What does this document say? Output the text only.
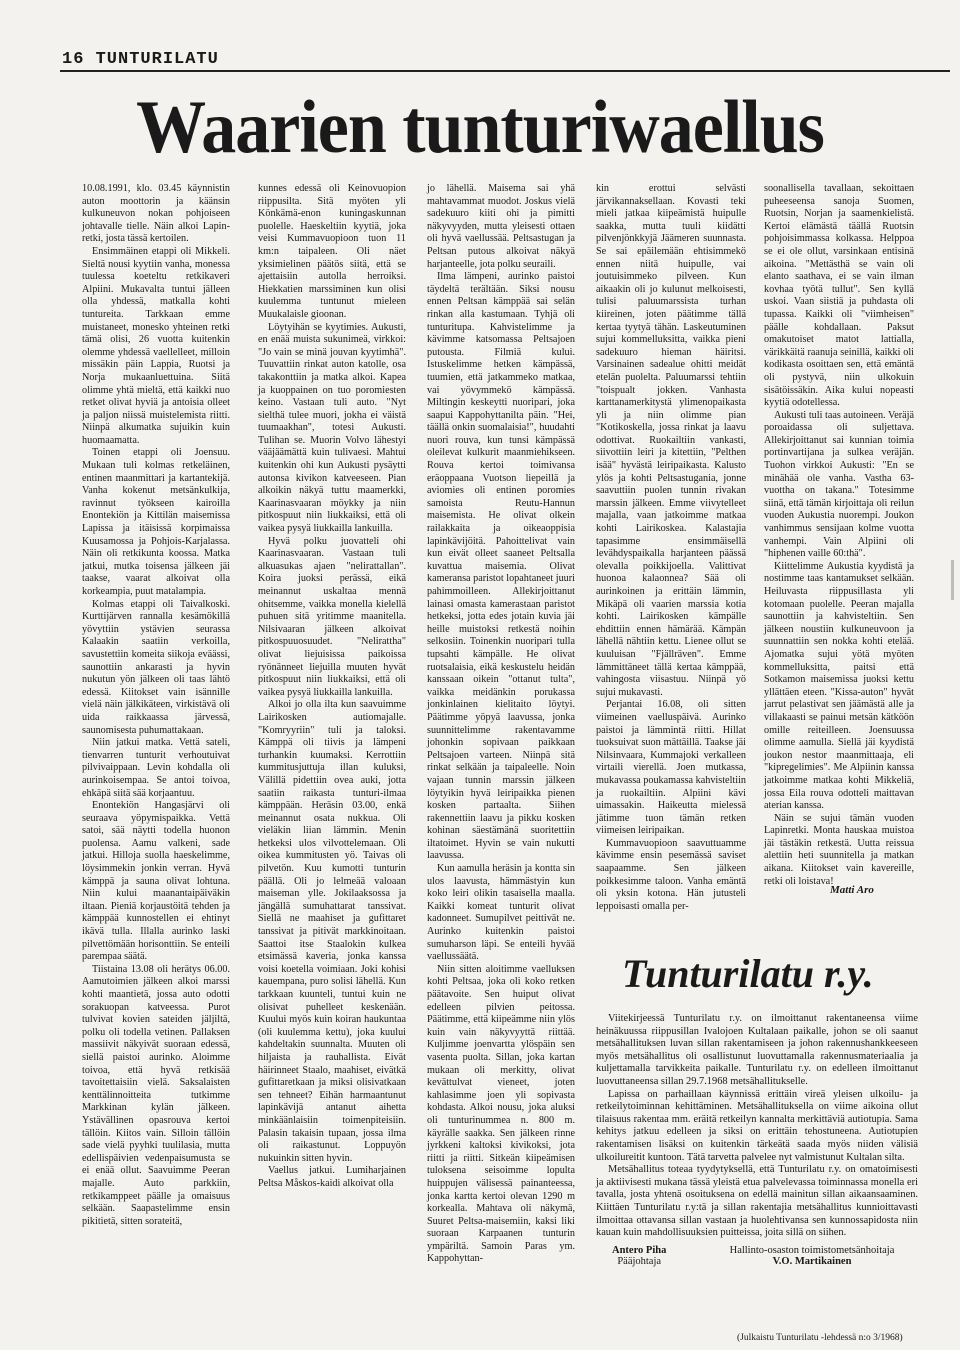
16 TUNTURILATU
Waarien tunturiwaellus

10.08.1991, klo. 03.45 käynnistin auton moottorin ja käänsin kulkuneuvon nokan pohjoiseen johtavalle tielle. Näin alkoi Lapin-retki, josta tässä kertoilen.

Ensimmäinen etappi oli Mikkeli. Sieltä nousi kyytiin vanha, monessa tuulessa koeteltu retkikaveri Alpiini. Mukavalta tuntui jälleen olla yhdessä, matkalla kohti tuntureita. Tarkkaan emme muistaneet, monesko yhteinen retki tämä olisi, 26 vuotta kuitenkin olemme yhdessä vaellelleet, milloin missäkin päin Lappia, Ruotsi ja Norja mukaanluettuina. Siitä olimme yhtä mieltä, että kaikki nuo retket olivat hyviä ja antoisia olleet ja paljon niissä muistelemista riitti. Niinpä alkumatka sujuikin kuin huomaamatta.

Toinen etappi oli Joensuu. Mukaan tuli kolmas retkeläinen, entinen maanmittari ja kartantekijä. Vanha kokenut metsänkulkija, ravinnut työkseen kairoilla Enontekiön ja Kittilän maisemissa Lapissa ja itäisissä korpimaissa Kuusamossa ja Pohjois-Karjalassa. Näin oli retkikunta koossa. Matka jatkui, mutka toisensa jälkeen jäi taakse, vaarat alkoivat olla korkeampia, puut matalampia.

Kolmas etappi oli Taivalkoski. Kurttijärven rannalla kesämökillä yövyttiin ystävien seurassa Kalaakin saatiin verkoilla, savustettiin komeita siikoja eväässi, saunottiin ankarasti ja hyvin nukutun yön jälkeen oli taas lähtö edessä. Kiitokset vain isännille vielä näin jälkikäteen, virkistävä oli uida raikkaassa järvessä, saunomisesta puhumattakaan.

Niin jatkui matka. Vettä sateli, tienvarren tunturit verhoutuivat pilvivaippaan. Levin kohdalla oli aurinkoisempaa. Se antoi toivoa, ehkäpä siitä sää korjaantuu.

Enontekiön Hangasjärvi oli seuraava yöpymispaikka. Vettä satoi, sää näytti todella huonon puolensa. Aamu valkeni, sade jatkui. Hilloja suolla haeskelimme, löysimmekin jonkin verran. Hyvä kämppä ja sauna olivat lohtuna. Niin kului maanantaipäiväkin iltaan. Pieniä korjaustöitä tehden ja kämppää kunnostellen ei ehtinyt ikävä tulla. Illalla aurinko laski pilvettömään horisonttiin. Se enteili parempaa säätä.

Tiistaina 13.08 oli herätys 06.00. Aamutoimien jälkeen alkoi marssi kohti maantietä, jossa auto odotti sorakuopan katveessa. Purot tulvivat kovien sateiden jäljiltä, polku oli todella vetinen. Pallaksen massiivit näkyivät suoraan edessä, siellä paistoi aurinko. Aloimme toivoa, että hyvä retkisää tavoitettaisiin vielä. Saksalaisten kenttälinnoitteita tutkimme Markkinan kylän jälkeen. Ystävällinen opasrouva kertoi tällöin. Kiitos vain. Silloin tällöin sade vielä pyyhki tuulilasia, mutta edellispäivien vedenpaisumusta se ei enää ollut. Saavuimme Peeran majalle. Auto parkkiin, retkikamppeet päälle ja omaisuus selkään. Saapastelimme ensin pikitietä, sitten sorateitä,

kunnes edessä oli Keinovuopion riippusilta. Sitä myöten yli Könkämä-enon kuningaskunnan puolelle. Haeskeltiin kyytiä, joka veisi Kummavuopioon tuon 11 km:n taipaleen. Oli näet yksimielinen päätös siitä, että se ajettaisiin autolla herroiksi. Hiekkatien marssiminen kun olisi kuulemma tuntunut mieleen Muukalaisle gioonan.

Löytyihän se kyytimies. Aukusti, en enää muista sukunimeä, virkkoi: "Jo vain se minä jouvan kyytimhä". Tuuvattiin rinkat auton katolle, osa takakonttiin ja matka alkoi. Kapea ja kuoppainen on tuo poromiesten keino. Vastaan tuli auto. "Nyt sielthä tulee muori, jokha ei väistä tuumaakhan", totesi Aukusti. Tulihan se. Muorin Volvo lähestyi vääjäämättä kuin tulivaesi. Mahtui kuitenkin ohi kun Aukusti pysäytti autonsa kivikon katveeseen. Pian alkoikin näkyä tuttu maamerkki, Kaarinasvaaran möykky ja niin pitkospuut niin liukkaiksi, että oli vaikea pysyä liukkailla lankuilla.

Hyvä polku juovatteli ohi Kaarinasvaaran. Vastaan tuli alkuasukas ajaen "nelirattallan". Koira juoksi perässä, eikä meinannut uskaltaa mennä ohitsemme, vaikka monella kielellä puhuen sitä yritimme maanitella. Nilsivaaran jälkeen alkoivat pitkospuuosuudet. "Nelirattha" olivat liejuisissa paikoissa ryönänneet liejuilla muuten hyvät pitkospuut niin liukkaiksi, että oli vaikea pysyä liukkailla lankuilla.

Alkoi jo olla ilta kun saavuimme Lairikosken autiomajalle. "Komryyriin" tuli ja taloksi. Kämppä oli tiivis ja lämpeni turhankin kuumaksi. Kerrottiin kummitusjuttuja illan kuluksi, Välillä pidettiin ovea auki, jotta saatiin raikasta tunturi-ilmaa kämppään. Heräsin 03.00, enkä meinannut osata nukkua. Oli vieläkin liian lämmin. Menin hetkeksi ulos vilvottelemaan. Oli oikea kummitusten yö. Taivas oli pilvetön. Kuu kumotti tunturin päällä. Oli jo lelmeää valoaan maiseman ylle. Jokilaaksossa ja jängällä sumuhattarat tanssivat. Siellä ne maahiset ja gufittaret tanssivat ja pitivät markkinoitaan. Saattoi itse Staalokin kulkea etsimässä kaveria, jonka kanssa voisi koetella voimiaan. Joki kohisi kauempana, puro solisi lähellä. Kun tarkkaan kuunteli, tuntui kuin ne olisivat puhelleet keskenään. Kuului myös kuin koiran haukuntaa (oli kuulemma kettu), joka kuului kahdeltakin suunnalta. Muuten oli hiljaista ja rauhallista. Eivät häirinneet Staalo, maahiset, eivätkä gufittaretkaan ja miksi olisivatkaan sen tehneet? Eihän harmaantunut lapinkävijä antanut aihetta minkäänlaisiin toimenpiteisiin. Palasin takaisin tupaan, jossa ilma oli raikastunut. Loppuyön nukuinkin sitten hyvin.

Vaellus jatkui. Lumiharjainen Peltsa Måskos-kaidi alkoivat olla

jo lähellä. Maisema sai yhä mahtavammat muodot. Joskus vielä sadekuuro kiiti ohi ja pimitti näkyvyyden, mutta yleisesti ottaen oli hyvä vaellussää. Peltsastugan ja Peltsan putous alkoivat näkyä harjanteelle, jota polku seuraili.

Ilma lämpeni, aurinko paistoi täydeltä terältään. Siksi nousu ennen Peltsan kämppää sai selän rinkan alla kastumaan. Tyhjä oli tunturitupa. Kahvistelimme ja kävimme katsomassa Peltsajoen putousta. Filmiä kului. Istuskelimme hetken kämpässä, tuumien, että jatkammeko matkaa, vai yövymmekö kämpässä. Miltingin keskeytti nuoripari, joka saapui Kappohyttanilta päin. "Hei, täällä onkin suomalaisia!", huudahti nuori rouva, kun tunsi kämpässä oleilevat kulkurit maanmiehikseen. Rouva kertoi toimivansa eräoppaana Vuotson liepeillä ja aviomies oli entinen poromies samoista Reutu-Hannun maisemista. He olivat olkein railakkaita ja oikeaoppisia lapinkävijöitä. Pahoittelivat vain kun eivät olleet saaneet Peltsalla kuvattua maisemia. Olivat kameransa paristot lopahtaneet juuri pahimmoilleen. Allekirjoittanut lainasi omasta kamerastaan paristot hetkeksi, jotta edes jotain kuvia jäi heille muistoksi retkestä noihin selkosiin. Toinenkin nuoripari tulla tupsahti kämpälle. He olivat ruotsalaisia, eikä keskustelu heidän kanssaan oikein "ottanut tulta", vaikka meidänkin porukassa jonkinlainen kielitaito löytyi. Päätimme yöpyä laavussa, jonka suunnittelimme rakentavamme johonkin sopivaan paikkaan Peltsajoen varteen. Niinpä sitä rinkat selkään ja taipaleelle. Noin vajaan tunnin marssin jälkeen löytyikin hyvä leiripaikka pienen kosken partaalta. Siihen rakennettiin laavu ja pikku kosken kohinan säestämänä suoritettiin iltatoimet. Hyvin se vain nukutti laavussa.

Kun aamulla heräsin ja kontta sin ulos laavusta, hämmästyin kun koko leiri olikin tasaisella maalla. Kaikki komeat tunturit olivat kadonneet. Sumupilvet peittivät ne. Aurinko kuitenkin paistoi sumuharson läpi. Se enteili hyvää vaellussäätä.

Niin sitten aloitimme vaelluksen kohti Peltsaa, joka oli koko retken päätavoite. Sen huiput olivat edelleen pilvien peitossa. Päätimme, että kiipeämme niin ylös kuin vain näkyvyyttä riittää. Kuljimme joenvartta ylöspäin sen vasenta puolta. Sillan, joka kartan mukaan oli merkitty, olivat kevättulvat vieneet, joten kahlasimme joen yli sopivasta kohdasta. Alkoi nousu, joka aluksi oli tunturinummea n. 800 m. käyrälle saakka. Sen jälkeen rinne jyrkkeni kaltoksi kivikoksi, jota riitti ja riitti. Sitkeän kiipeämisen tuloksena seisoimme lopulta huippujen välisessä painanteessa, jonka kartta kertoi olevan 1290 m korkealla. Mahtava oli näkymä, Suuret Peltsa-maisemiin, kaksi liki suoraan Karpaanen tunturin ympäriltä. Samoin Paras ym. Kappohyttan-

kin erottui selvästi järvikannaksellaan. Kovasti teki mieli jatkaa kiipeämistä huipulle saakka, mutta tuuli kiidätti pilvenjönkkyjä Jäämeren suunnasta. Se sai epäilemään ehtisimmekö ennen niitä huipulle, vai joutuisimmeko pilveen. Kun aikaakin oli jo kulunut melkoisesti, tulisi paluumarssista turhan kiireinen, joten päätimme tällä kertaa tyytyä tähän. Laskeutuminen sujui kommelluksitta, vaikka pieni sadekuuro hieman häiritsi. Varsinainen sadealue ohitti meidät etelän puolelta. Paluumarssi tehtiin "toispualt jokken. Vanhasta karttanamerkitystä ylimenopaikasta yli ja niin olimme pian "Kotikoskella, jossa rinkat ja laavu odottivat. Ruokailtiin vankasti, siivottiin leiri ja kitettiin, "Pelthen isää" hyvästä leiripaikasta. Kalusto ylös ja kohti Peltsastugania, jonne saavuttiin puolen tunnin rivakan marssin jälkeen. Emme viivytelleet majalla, vaan jatkoimme matkaa kohti Lairikoskea. Kalastajia tapasimme ensimmäisellä levähdyspaikalla harjanteen päässä olevalla poikkijoella. Valittivat huonoa kalaonnea? Sää oli aurinkoinen ja erittäin lämmin, Mikäpä oli vaarien marssia kotia kohti. Lairikosken kämpälle ehdittiin ennen hämärää. Kämpän lähellä nähtiin kettu. Lienee ollut se kuuluisan "Fjällräven". Emme lämmittäneet tällä kertaa kämppää, vahingosta viisastuu. Niinpä yö sujui mukavasti.

Perjantai 16.08, oli sitten viimeinen vaelluspäivä. Aurinko paistoi ja lämmintä riitti. Hillat tuoksuivat suon mättäillä. Taakse jäi Nilsinvaara, Kummajoki verkalleen virtaili vierellä. Joen mutkassa, mukavassa poukamassa kahvisteltiin ja ruokailtiin. Alpiini kävi uimassakin. Haikeutta mielessä jätimme tuon tämän retken viimeisen leiripaikan.

Kummavuopioon saavuttuamme kävimme ensin pesemässä saviset saapaamme. Sen jälkeen poikkesimme taloon. Vanha emäntä oli yksin kotona. Hän jutusteli leppoisasti omalla per-

soonallisella tavallaan, sekoittaen puheeseensa sanoja Suomen, Ruotsin, Norjan ja saamenkielistä. Kertoi elämästä täällä Ruotsin pohjoisimmassa kolkassa. Helppoa se ei ole ollut, varsinkaan entisinä aikoina. "Mettästhä se vain oli elanto saathava, ei se vain ilman kovhaa työtä tullut". Sen kyllä uskoi. Vaan siistiä ja puhdasta oli tupassa. Kaikki oli "viimheisen" päälle kohdallaan. Paksut omakutoiset matot lattialla, värikkäitä raanuja seinillä, kaikki oli kodikasta osoittaen sen, että emäntä oli pystyvä, niin ulkokuin sisätöissäkin. Aika kului nopeasti kyytiä odotellessa.

Aukusti tuli taas autoineen. Veräjä poroaidassa oli suljettava. Allekirjoittanut sai kunnian toimia portinvartijana ja sulkea veräjän. Tuohon virkkoi Aukusti: "En se minähää ole vanha. Vastha 63-vuottha on takana." Totesimme siinä, että tämän kirjoittaja oli reilun vuoden Aukustia nuorempi. Joukon vanhimmus sensijaan kolme vuotta vanhempi. Vain Alpiini oli "hiphenen vaille 60:thä".

Kiittelimme Aukustia kyydistä ja nostimme taas kantamukset selkään. Heiluvasta riippusillasta yli kotomaan puolelle. Peeran majalla saunottiin ja kahvisteltiin. Sen jälkeen noustiin kulkuneuvoon ja suunnattiin sen nokka kohti etelää. Ajomatka sujui yötä myöten kommelluksitta, paitsi että Sotkamon maisemissa juoksi kettu yllättäen eteen. "Kissa-auton" hyvät jarrut pelastivat sen jäämästä alle ja villakaasti se painui metsän kätköön omille reiteilleen. Joensuussa olimme aamulla. Siellä jäi kyydistä joukon nestor maanmittaaja, eli "kipregelimies". Me Alpiinin kanssa jatkoimme matkaa kohti Mikkeliä, jossa Eila rouva odotteli maittavan aterian kanssa.

Näin se sujui tämän vuoden Lapinretki. Monta hauskaa muistoa jäi tästäkin retkestä. Uutta reissua alettiin heti suunnitella ja matkan aikana. Kiitokset vain kavereille, retki oli loistava!

Matti Aro
Tunturilatu r.y.

Viitekirjeessä Tunturilatu r.y. on ilmoittanut rakentaneensa viime heinäkuussa riippusillan Ivalojoen Kultalaan paikalle, johon se oli saanut metsähallituksen luvan sillan rakentamiseen ja johon rakennushankkeeseen myös metsähallitus oli osallistunut luovuttamalla rakennusmateriaalia ja kuljettamalla tarvikkeita paikalle. Tunturilatu r.y. on edelleen ilmoittanut luovuttaneensa sillan 29.7.1968 metsähallitukselle.

Lapissa on parhaillaan käynnissä erittäin vireä yleisen ulkoilu- ja retkeilytoiminnan kehittäminen. Metsähallituksella on viime aikoina ollut tilaisuus rakentaa mm. eräitä retkeilyn kannalta merkittäviä autiotupia. Sama kehitys jatkuu edelleen ja siksi on erittäin tehostuneena. Autiotupien rakentamisen lisäksi on kuitenkin tärkeätä saada myös niiden välisiä ulkoilureitit kuntoon. Tätä tarvetta palvelee nyt valmistunut Kultalan silta.

Metsähallitus toteaa tyydytyksellä, että Tunturilatu r.y. on omatoimisesti ja aktiivisesti mukana tässä yleistä etua palvelevassa toiminnassa monella eri tavalla, josta yhtenä osoituksena on edellä mainitun sillan aikaansaaminen. Kiittäen Tunturilatu r.y:tä ja sillan rakentajia metsähallitus kunnioittavasti ilmoittaa ottavansa sillan vastaan ja huolehtivansa sen kunnossapidosta niin kauan kuin mahdollisuuksien puitteissa, joita sillä on siihen.

Antero Piha
Pääjohtaja
Hallinto-osaston toimistometsänhoitaja
V.O. Martikainen
(Julkaistu Tunturilatu -lehdessä n:o 3/1968)
